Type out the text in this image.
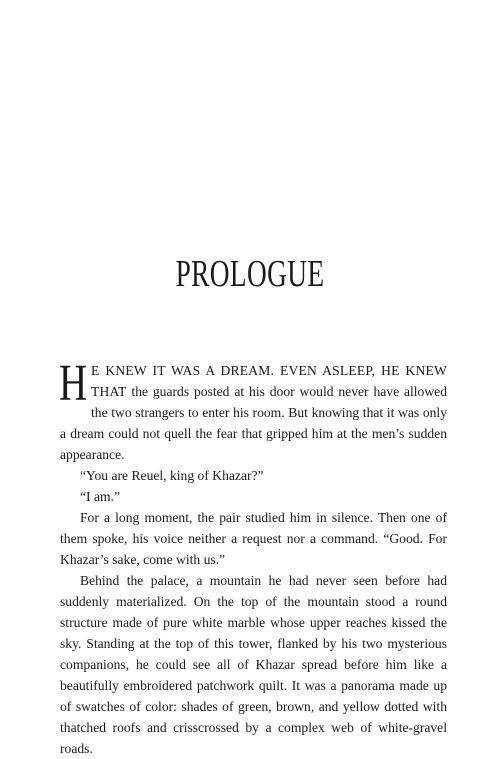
PROLOGUE

H E KNEW IT WAS A DREAM. EVEN ASLEEP, HE KNEW THAT the guards posted at his door would never have allowed the two strangers to enter his room. But knowing that it was only a dream could not quell the fear that gripped him at the men’s sudden appearance.

“You are Reuel, king of Khazar?”

“I am.”

For a long moment, the pair studied him in silence. Then one of them spoke, his voice neither a request nor a command. “Good. For Khazar’s sake, come with us.”

Behind the palace, a mountain he had never seen before had suddenly materialized. On the top of the mountain stood a round structure made of pure white marble whose upper reaches kissed the sky. Standing at the top of this tower, flanked by his two mysterious companions, he could see all of Khazar spread before him like a beautifully embroidered patchwork quilt. It was a panorama made up of swatches of color: shades of green, brown, and yellow dotted with thatched roofs and crisscrossed by a complex web of white-gravel roads.
